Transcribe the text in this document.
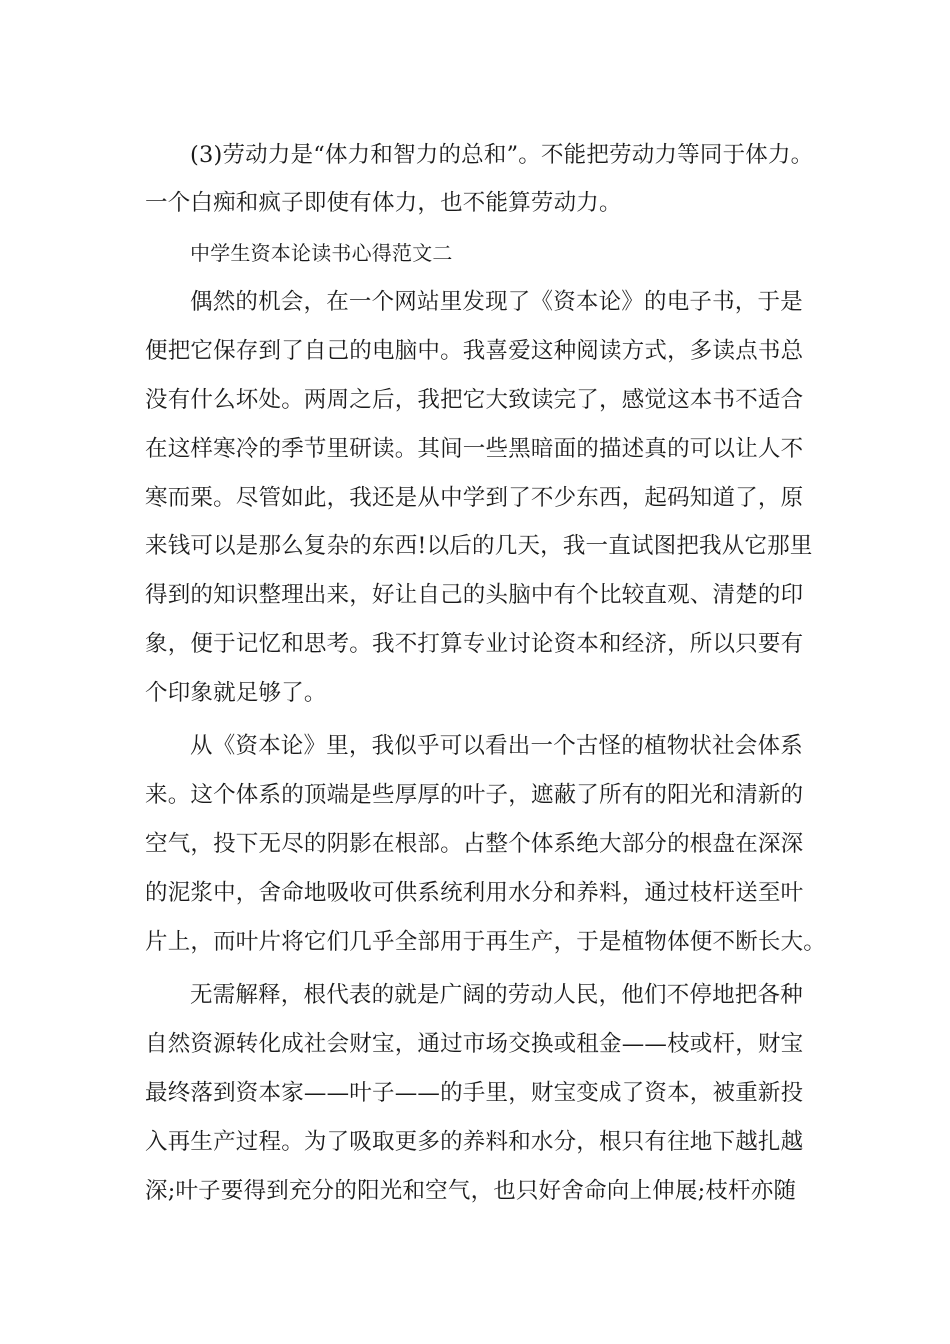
(3)劳动力是“体力和智力的总和”。不能把劳动力等同于体力。
一个白痴和疯子即使有体力，也不能算劳动力。
中学生资本论读书心得范文二
偶然的机会，在一个网站里发现了《资本论》的电子书，于是
便把它保存到了自己的电脑中。我喜爱这种阅读方式，多读点书总
没有什么坏处。两周之后，我把它大致读完了，感觉这本书不适合
在这样寒冷的季节里研读。其间一些黑暗面的描述真的可以让人不
寒而栗。尽管如此，我还是从中学到了不少东西，起码知道了，原
来钱可以是那么复杂的东西!以后的几天，我一直试图把我从它那里
得到的知识整理出来，好让自己的头脑中有个比较直观、清楚的印
象，便于记忆和思考。我不打算专业讨论资本和经济，所以只要有
个印象就足够了。
从《资本论》里，我似乎可以看出一个古怪的植物状社会体系
来。这个体系的顶端是些厚厚的叶子，遮蔽了所有的阳光和清新的
空气，投下无尽的阴影在根部。占整个体系绝大部分的根盘在深深
的泥浆中，舍命地吸收可供系统利用水分和养料，通过枝杆送至叶
片上，而叶片将它们几乎全部用于再生产，于是植物体便不断长大。
无需解释，根代表的就是广阔的劳动人民，他们不停地把各种
自然资源转化成社会财宝，通过市场交换或租金——枝或杆，财宝
最终落到资本家——叶子——的手里，财宝变成了资本，被重新投
入再生产过程。为了吸取更多的养料和水分，根只有往地下越扎越
深;叶子要得到充分的阳光和空气，也只好舍命向上伸展;枝杆亦随
